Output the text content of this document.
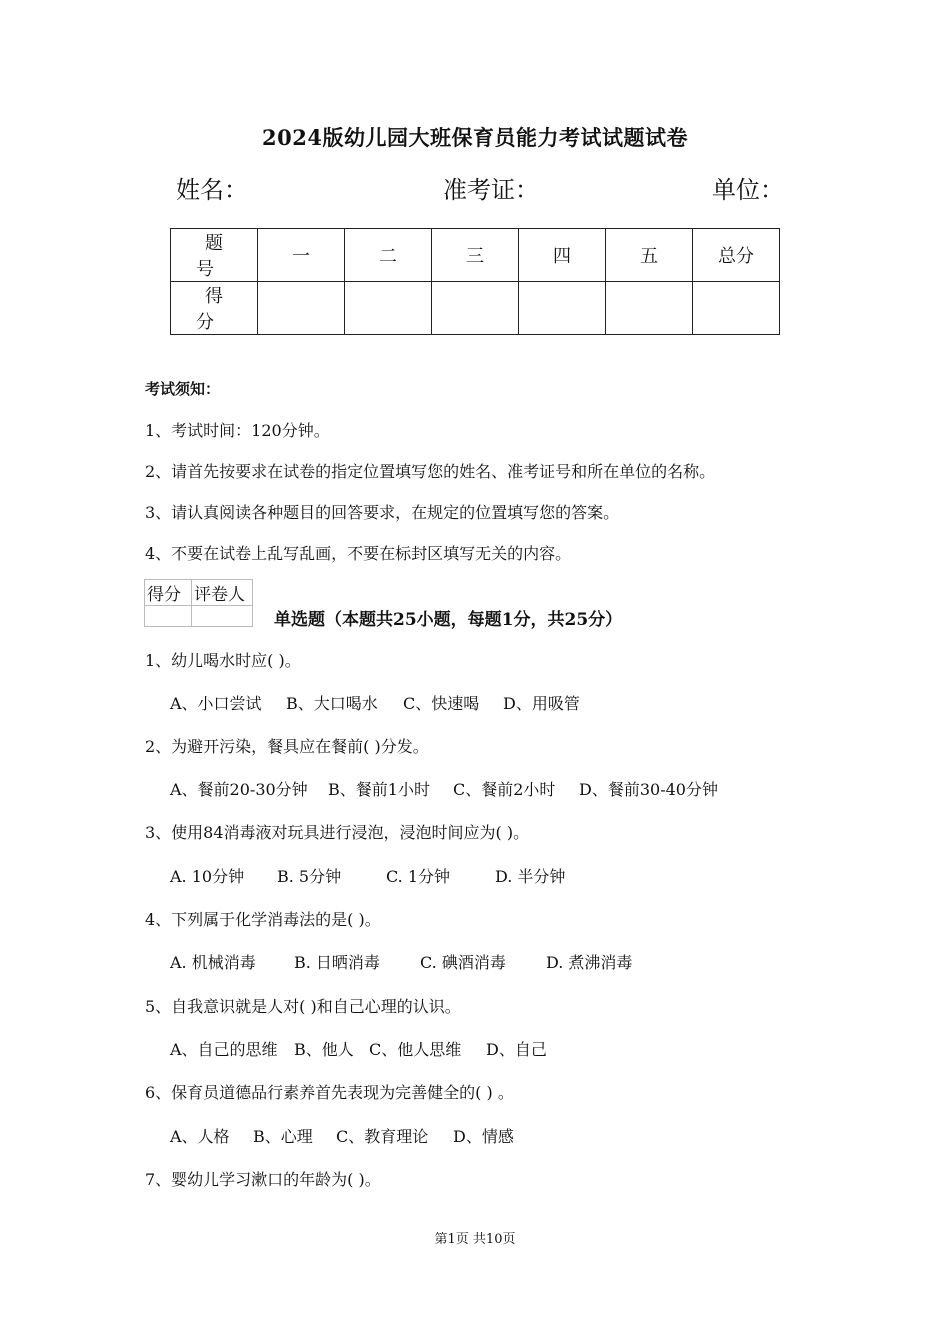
2024版幼儿园大班保育员能力考试试题试卷
姓名：	准考证：	单位：
题号	一	二	三	四	五	总分
得分						
考试须知：
1、考试时间：120分钟。
2、请首先按要求在试卷的指定位置填写您的姓名、准考证号和所在单位的名称。
3、请认真阅读各种题目的回答要求，在规定的位置填写您的答案。
4、不要在试卷上乱写乱画，不要在标封区填写无关的内容。
得分	评卷人

单选题（本题共25小题，每题1分，共25分）
1、幼儿喝水时应( )。
A、小口尝试 B、大口喝水 C、快速喝 D、用吸管
2、为避开污染，餐具应在餐前( )分发。
A、餐前20-30分钟 B、餐前1小时 C、餐前2小时 D、餐前30-40分钟
3、使用84消毒液对玩具进行浸泡，浸泡时间应为( )。
A. 10分钟 B. 5分钟	C. 1分钟	D. 半分钟
4、下列属于化学消毒法的是( )。
A. 机械消毒 B. 日晒消毒	C. 碘酒消毒	D. 煮沸消毒
5、自我意识就是人对( )和自己心理的认识。
A、自己的思维 B、他人 C、他人思维 D、自己
6、保育员道德品行素养首先表现为完善健全的( ) 。
A、人格 B、心理 C、教育理论 D、情感
7、婴幼儿学习漱口的年龄为( )。
第1页 共10页
